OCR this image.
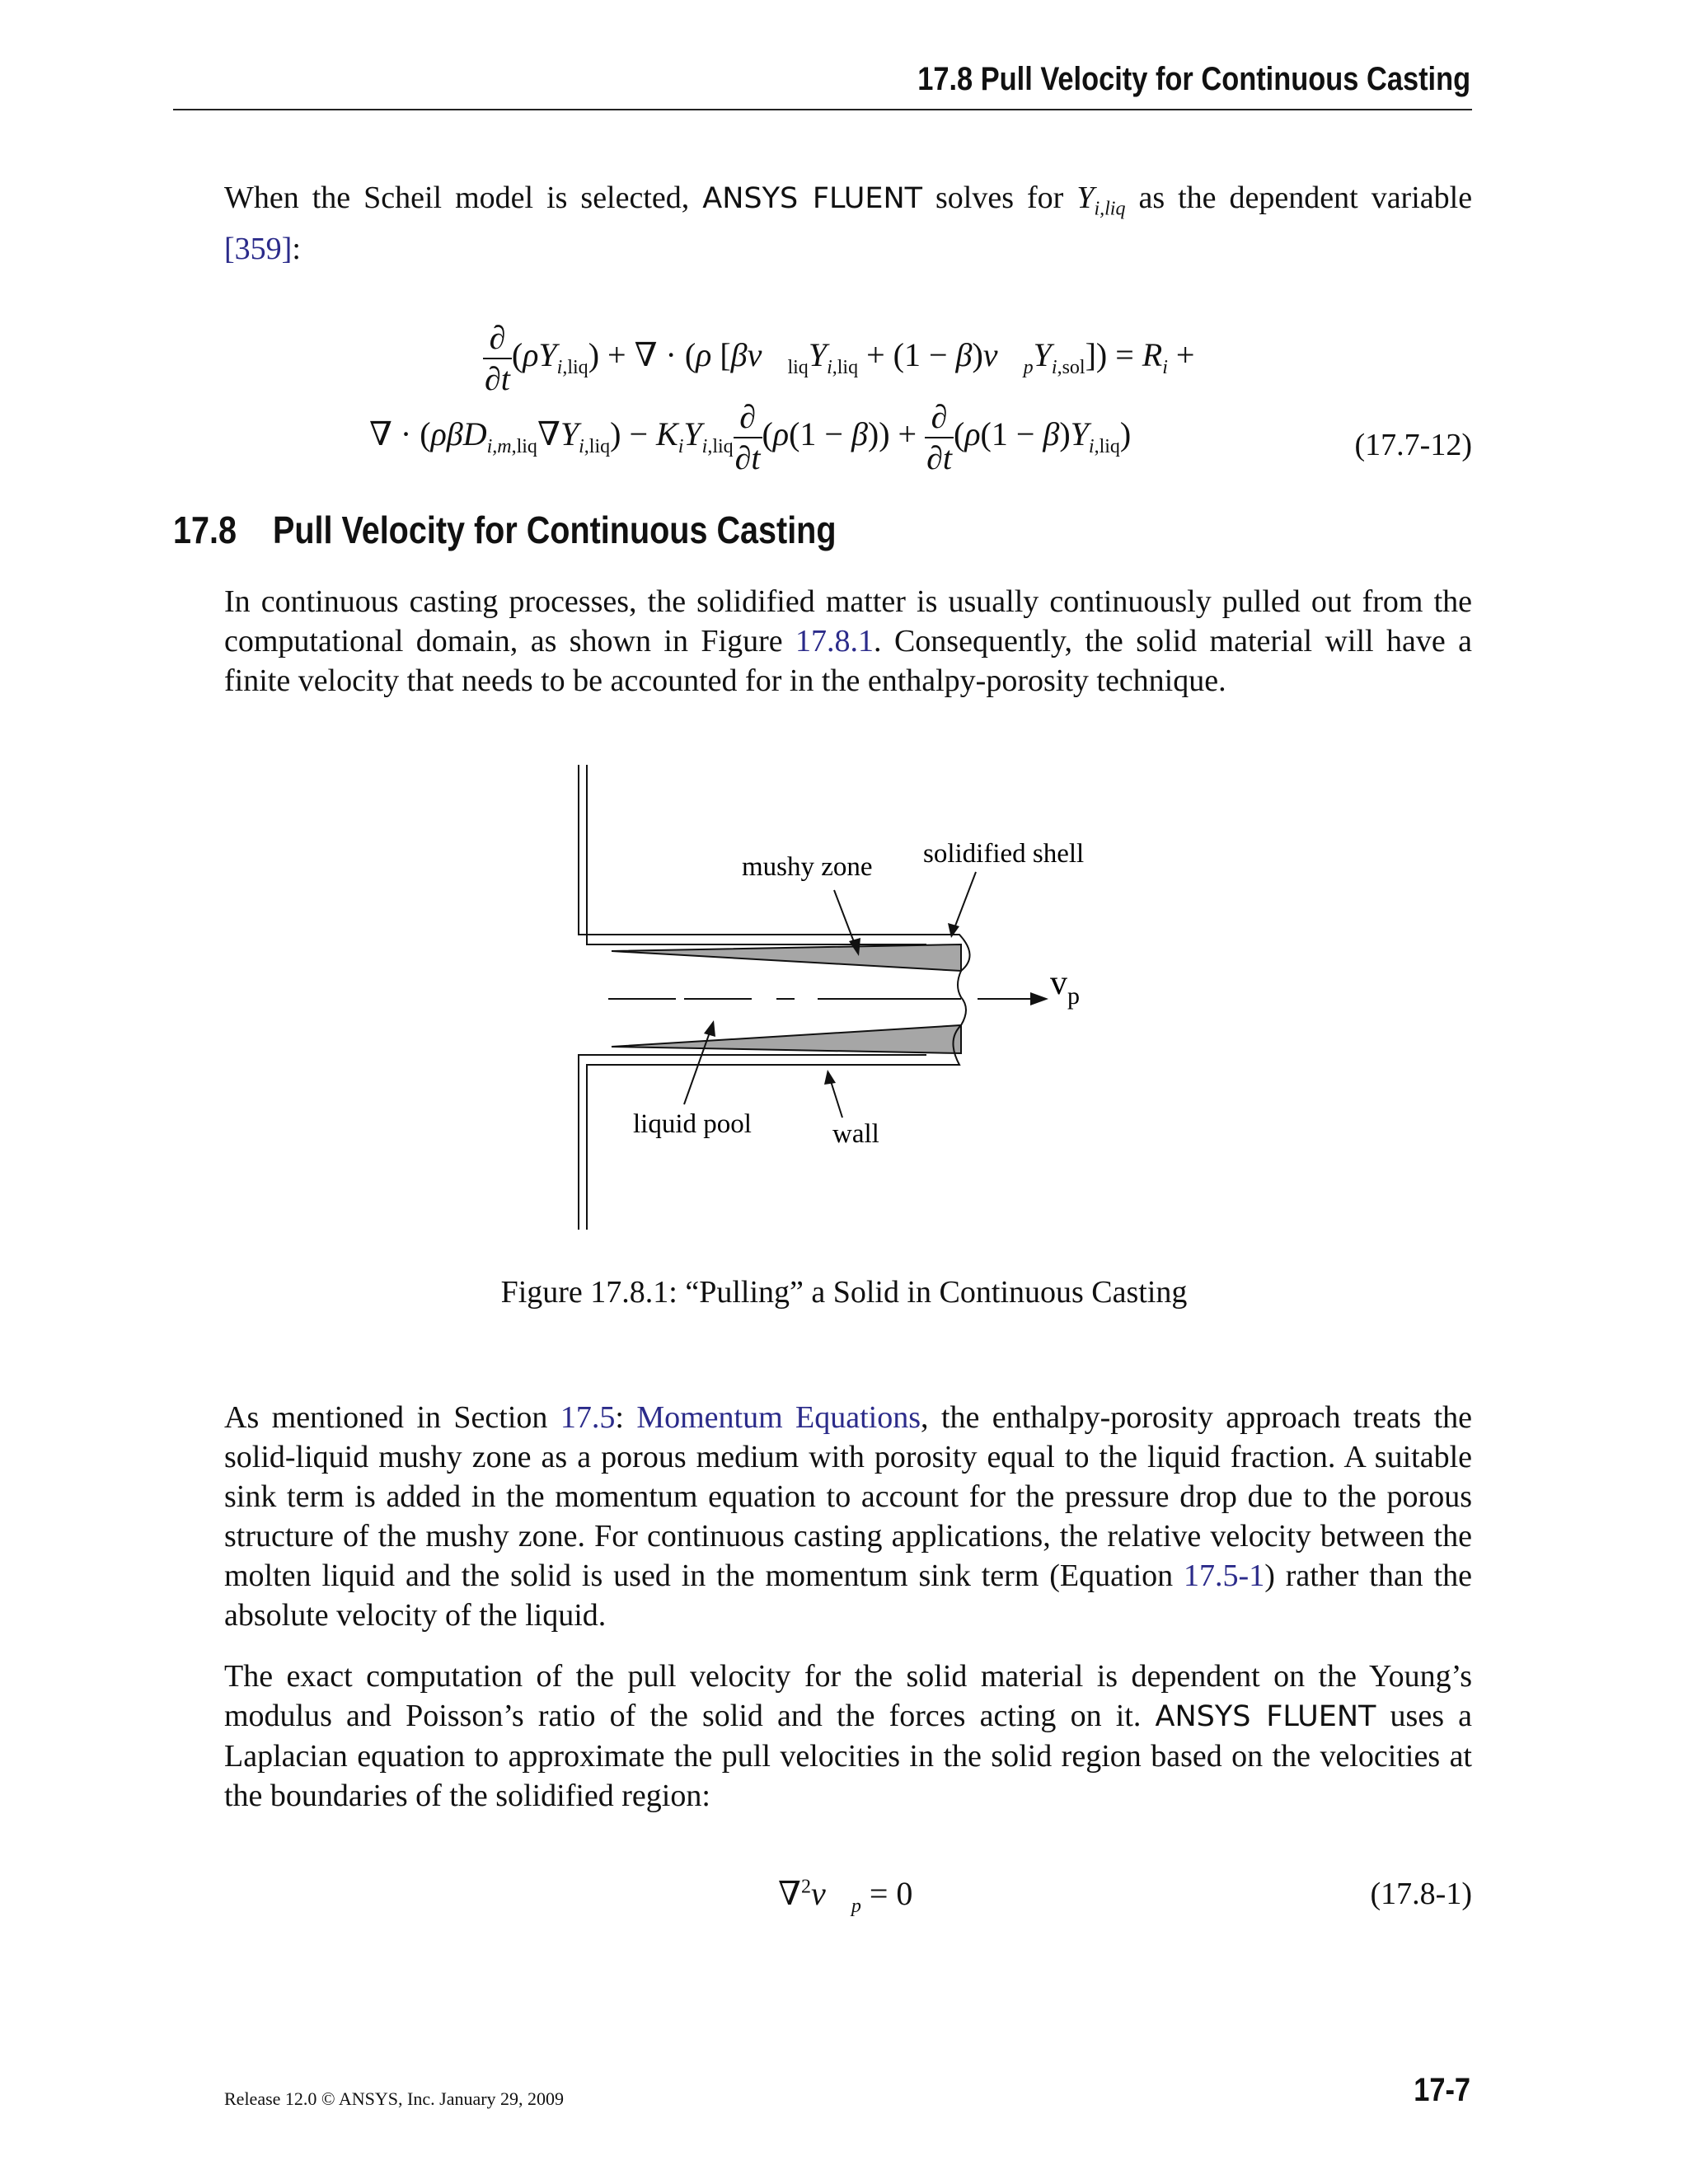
17.8 Pull Velocity for Continuous Casting
When the Scheil model is selected, ANSYS FLUENT solves for $Y_{i,liq}$ as the dependent variable [359]:
$\frac{\partial}{\partial t} (\rho Y_{i,liq})$ + ∇ · (ρ [$\beta v⃗_{liq}Y_{i,liq} + (1$ − $\beta)v⃗_pY_{i,sol}]) = R_i$ +
∇ · $(\rho\beta D_{i,m,liq}\nabla Y_{i,liq}) - K_iY_{i,liq} \frac{\partial}{\partial t} (\rho(1 - \beta)) + \frac{\partial}{\partial t} (\rho(1 - \beta)Y_{i,liq})$	(17.7-12)
17.8 Pull Velocity for Continuous Casting
In continuous casting processes, the solidified matter is usually continuously pulled out from the computational domain, as shown in Figure 17.8.1. Consequently, the solid material will have a finite velocity that needs to be accounted for in the enthalpy-porosity technique.
$v_p$
mushy zone solidified shell
liquid pool	wall
Figure 17.8.1: “Pulling” a Solid in Continuous Casting
As mentioned in Section 17.5: Momentum Equations, the enthalpy-porosity approach treats the solid-liquid mushy zone as a porous medium with porosity equal to the liquid fraction. A suitable sink term is added in the momentum equation to account for the pressure drop due to the porous structure of the mushy zone. For continuous casting applications, the relative velocity between the molten liquid and the solid is used in the momentum sink term (Equation 17.5-1) rather than the absolute velocity of the liquid.
The exact computation of the pull velocity for the solid material is dependent on the Young’s modulus and Poisson’s ratio of the solid and the forces acting on it. ANSYS FLUENT uses a Laplacian equation to approximate the pull velocities in the solid region based on the velocities at the boundaries of the solidified region:
$\nabla^2v⃗_p = 0$	(17.8-1)
Release 12.0 © ANSYS, Inc. January 29, 2009	17-7
